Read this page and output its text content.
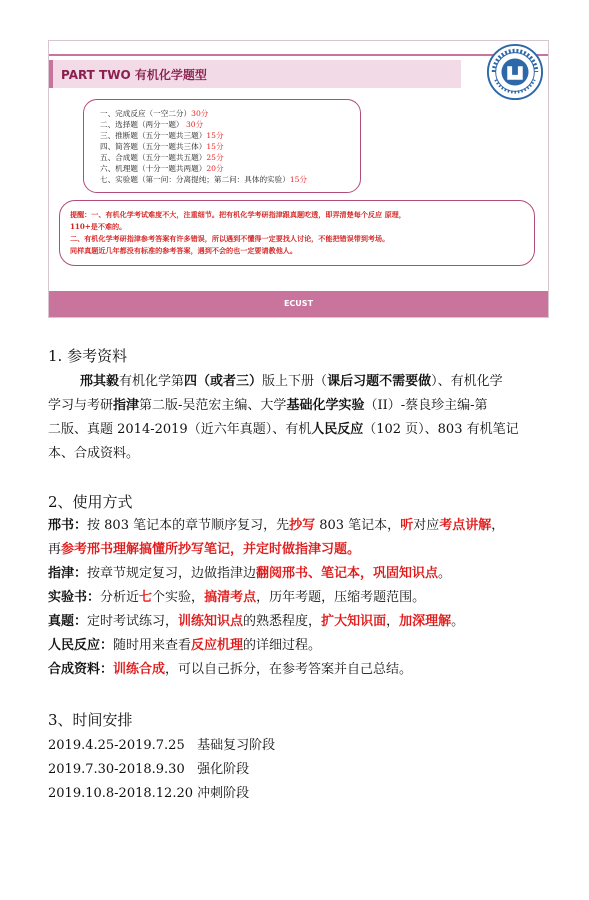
PART TWO 有机化学题型
一、完成反应（一空二分）30分
二、选择题（两分一题） 30分
三、推断题（五分一题共三题）15分
四、简答题（五分一题共三体）15分
五、合成题（五分一题共五题）25分
六、机理题（十分一题共两题）20分
七、实验题（第一问：分离提纯；第二问：具体的实验）15分
提醒：一、有机化学考试难度不大，注重细节。把有机化学考研指津跟真题吃透，即弄清楚每个反应 原理，
110+是不难的。
二、有机化学考研指津参考答案有许多错误，所以遇到不懂得一定要找人讨论，不能把错误带到考场。
同样真题近几年都没有标准的参考答案，遇到不会的也一定要请教他人。
ECUST
1. 参考资料
邢其毅有机化学第四（或者三）版上下册（课后习题不需要做）、有机化学
学习与考研指津第二版-吴范宏主编、大学基础化学实验（II）-蔡良珍主编-第
二版、真题 2014-2019（近六年真题）、有机人民反应（102 页）、803 有机笔记
本、合成资料。
2、使用方式
邢书：按 803 笔记本的章节顺序复习，先抄写 803 笔记本，听对应考点讲解，
再参考邢书理解搞懂所抄写笔记，并定时做指津习题。
指津：按章节规定复习，边做指津边翻阅邢书、笔记本，巩固知识点。
实验书：分析近七个实验，搞清考点，历年考题，压缩考题范围。
真题：定时考试练习，训练知识点的熟悉程度，扩大知识面，加深理解。
人民反应：随时用来查看反应机理的详细过程。
合成资料：训练合成，可以自己拆分，在参考答案并自己总结。
3、时间安排
2019.4.25-2019.7.25 基础复习阶段
2019.7.30-2018.9.30 强化阶段
2019.10.8-2018.12.20 冲刺阶段
